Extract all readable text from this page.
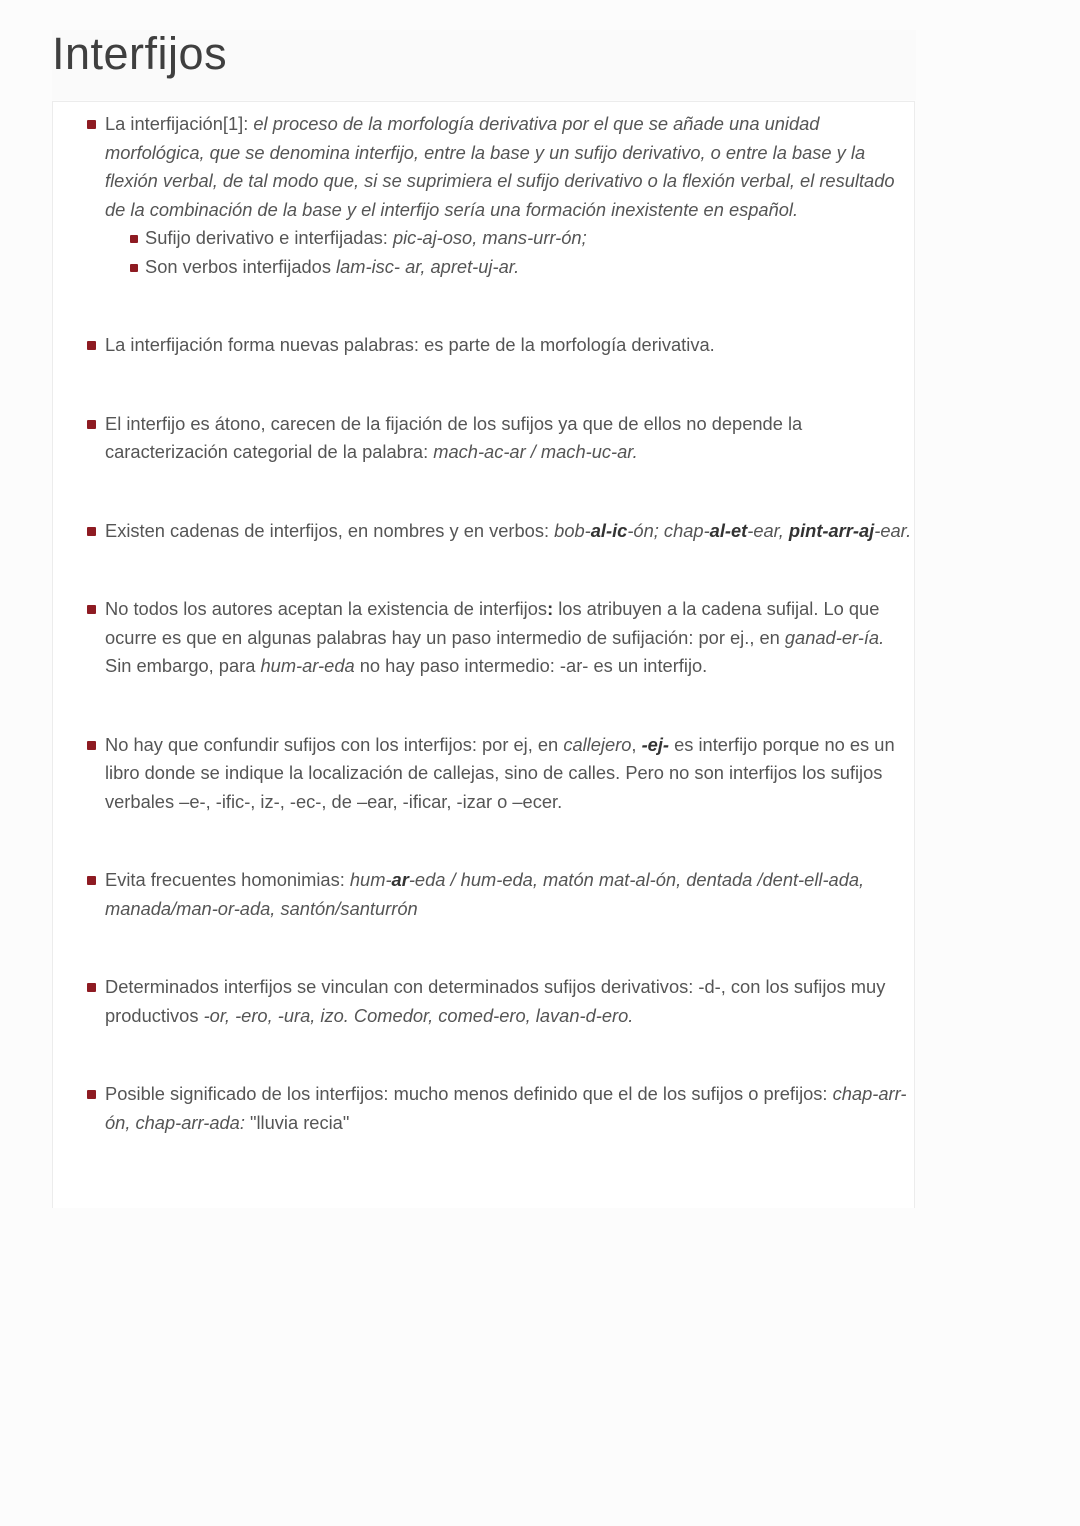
Interfijos
La interfijación[1]: el proceso de la morfología derivativa por el que se añade una unidad morfológica, que se denomina interfijo, entre la base y un sufijo derivativo, o entre la base y la flexión verbal, de tal modo que, si se suprimiera el sufijo derivativo o la flexión verbal, el resultado de la combinación de la base y el interfijo sería una formación inexistente en español.
Sufijo derivativo e interfijadas: pic-aj-oso, mans-urr-ón;
Son verbos interfijados lam-isc- ar, apret-uj-ar.
La interfijación forma nuevas palabras: es parte de la morfología derivativa.
El interfijo es átono, carecen de la fijación de los sufijos ya que de ellos no depende la caracterización categorial de la palabra: mach-ac-ar / mach-uc-ar.
Existen cadenas de interfijos, en nombres y en verbos: bob-al-ic-ón; chap-al-et-ear, pint-arr-aj-ear.
No todos los autores aceptan la existencia de interfijos: los atribuyen a la cadena sufijal. Lo que ocurre es que en algunas palabras hay un paso intermedio de sufijación: por ej., en ganad-er-ía. Sin embargo, para hum-ar-eda no hay paso intermedio: -ar- es un interfijo.
No hay que confundir sufijos con los interfijos: por ej, en callejero, -ej- es interfijo porque no es un libro donde se indique la localización de callejas, sino de calles. Pero no son interfijos los sufijos verbales –e-, -ific-, iz-, -ec-, de –ear, -ificar, -izar o –ecer.
Evita frecuentes homonimias: hum-ar-eda / hum-eda, matón mat-al-ón, dentada /dent-ell-ada, manada/man-or-ada, santón/santurrón
Determinados interfijos se vinculan con determinados sufijos derivativos: -d-, con los sufijos muy productivos -or, -ero, -ura, izo. Comedor, comed-ero, lavan-d-ero.
Posible significado de los interfijos: mucho menos definido que el de los sufijos o prefijos: chap-arr-ón, chap-arr-ada: "lluvia recia"
